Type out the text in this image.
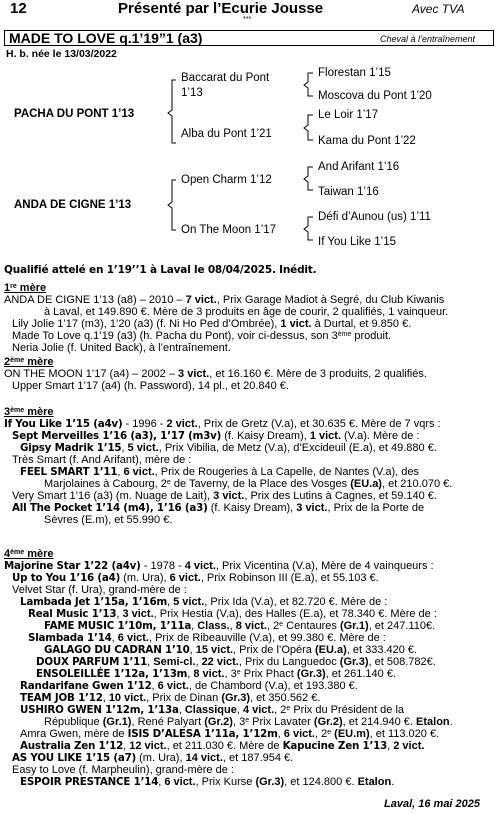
12	Présenté par l’Ecurie Jousse
***
Avec TVA
MADE TO LOVE q.1’19”1 (a3)	Cheval à l’entraînement
H. b. née le 13/03/2022
PACHA DU PONT 1’13
Baccarat du Pont
1’13
Alba du Pont 1’21
Florestan 1’15
Moscova du Pont 1’20
Le Loir 1’17
Kama du Pont 1’22
ANDA DE CIGNE 1’13
Open Charm 1’12
On The Moon 1’17
And Arifant 1’16
Taiwan 1’16
Défi d’Aunou (us) 1’11
If You Like 1’15
Qualifié attelé en 1’19’’1 à Laval le 08/04/2025. Inédit.
1re mère
ANDA DE CIGNE 1’13 (a8) – 2010 – 7 vict., Prix Garage Madiot à Segré, du Club Kiwanis
à Laval, et 149.890 €. Mère de 3 produits en âge de courir, 2 qualifiés, 1 vainqueur.
Lily Jolie 1’17 (m3), 1’20 (a3) (f. Ni Ho Ped d’Ombrée), 1 vict. à Durtal, et 9.850 €.
Made To Love q.1’19 (a3) (h. Pacha du Pont), voir ci-dessus, son 3ème produit.
Neria Jolie (f. United Back), à l’entraînement.
2ème mère
ON THE MOON 1’17 (a4) – 2002 – 3 vict., et 16.160 €. Mère de 3 produits, 2 qualifiés.
Upper Smart 1’17 (a4) (h. Password), 14 pl., et 20.840 €.
3ème mère
If You Like 1’15 (a4v) - 1996 - 2 vict., Prix de Gretz (V.a), et 30.635 €. Mère de 7 vqrs :
Sept Merveilles 1’16 (a3), 1’17 (m3v) (f. Kaisy Dream), 1 vict. (V.a). Mère de :
Gipsy Madrik 1’15, 5 vict., Prix Vibilia, de Metz (V.a), d’Excideuil (E.a), et 49.880 €.
Très Smart (f. And Arifant), mère de :
FEEL SMART 1’11, 6 vict., Prix de Rougeries à La Capelle, de Nantes (V.a), des
Marjolaines à Cabourg, 2e de Taverny, de la Place des Vosges (EU.a), et 210.070 €.
Very Smart 1’16 (a3) (m. Nuage de Lait), 3 vict., Prix des Lutins à Cagnes, et 59.140 €.
All The Pocket 1’14 (m4), 1’16 (a3) (f. Kaisy Dream), 3 vict., Prix de la Porte de
Sèvres (E.m), et 55.990 €.
4ème mère
Majorine Star 1’22 (a4v) - 1978 - 4 vict., Prix Vicentina (V.a), Mère de 4 vainqueurs :
Up to You 1’16 (a4) (m. Ura), 6 vict., Prix Robinson III (E.a), et 55.103 €.
Velvet Star (f. Ura), grand-mère de :
Lambada Jet 1’15a, 1’16m, 5 vict., Prix Ida (V.a), et 82.720 €. Mère de :
Real Music 1’13, 3 vict., Prix Hestia (V.a), des Halles (E.a), et 78.340 €. Mère de :
FAME MUSIC 1’10m, 1’11a, Class., 8 vict., 2e Centaures (Gr.1), et 247.110€.
Slambada 1’14, 6 vict., Prix de Ribeauville (V.a), et 99.380 €. Mère de :
GALAGO DU CADRAN 1’10, 15 vict., Prix de l’Opéra (EU.a), et 333.420 €.
DOUX PARFUM 1’11, Semi-cl., 22 vict., Prix du Languedoc (Gr.3), et 508.782€.
ENSOLEILLÉE 1’12a, 1’13m, 8 vict., 3e Prix Phact (Gr.3), et 261.140 €.
Randarifane Gwen 1’12, 6 vict., de Chambord (V.a), et 193.380 €.
TEAM JOB 1’12, 10 vict., Prix de Dinan (Gr.3), et 350.562 €.
USHIRO GWEN 1’12m, 1’13a, Classique, 4 vict., 2e Prix du Président de la
République (Gr.1), René Palyart (Gr.2), 3e Prix Lavater (Gr.2), et 214.940 €. Etalon.
Amra Gwen, mère de ISIS D’ALESA 1’11a, 1’12m, 6 vict., 2e (EU.m), et 113.020 €.
Australia Zen 1’12, 12 vict., et 211.030 €. Mère de Kapucine Zen 1’13, 2 vict.
AS YOU LIKE 1’15 (a7) (m. Ura), 14 vict., et 187.954 €.
Easy to Love (f. Marpheulin), grand-mère de :
ESPOIR PRESTANCE 1’14, 6 vict., Prix Kurse (Gr.3), et 124.800 €. Etalon.
Laval, 16 mai 2025
